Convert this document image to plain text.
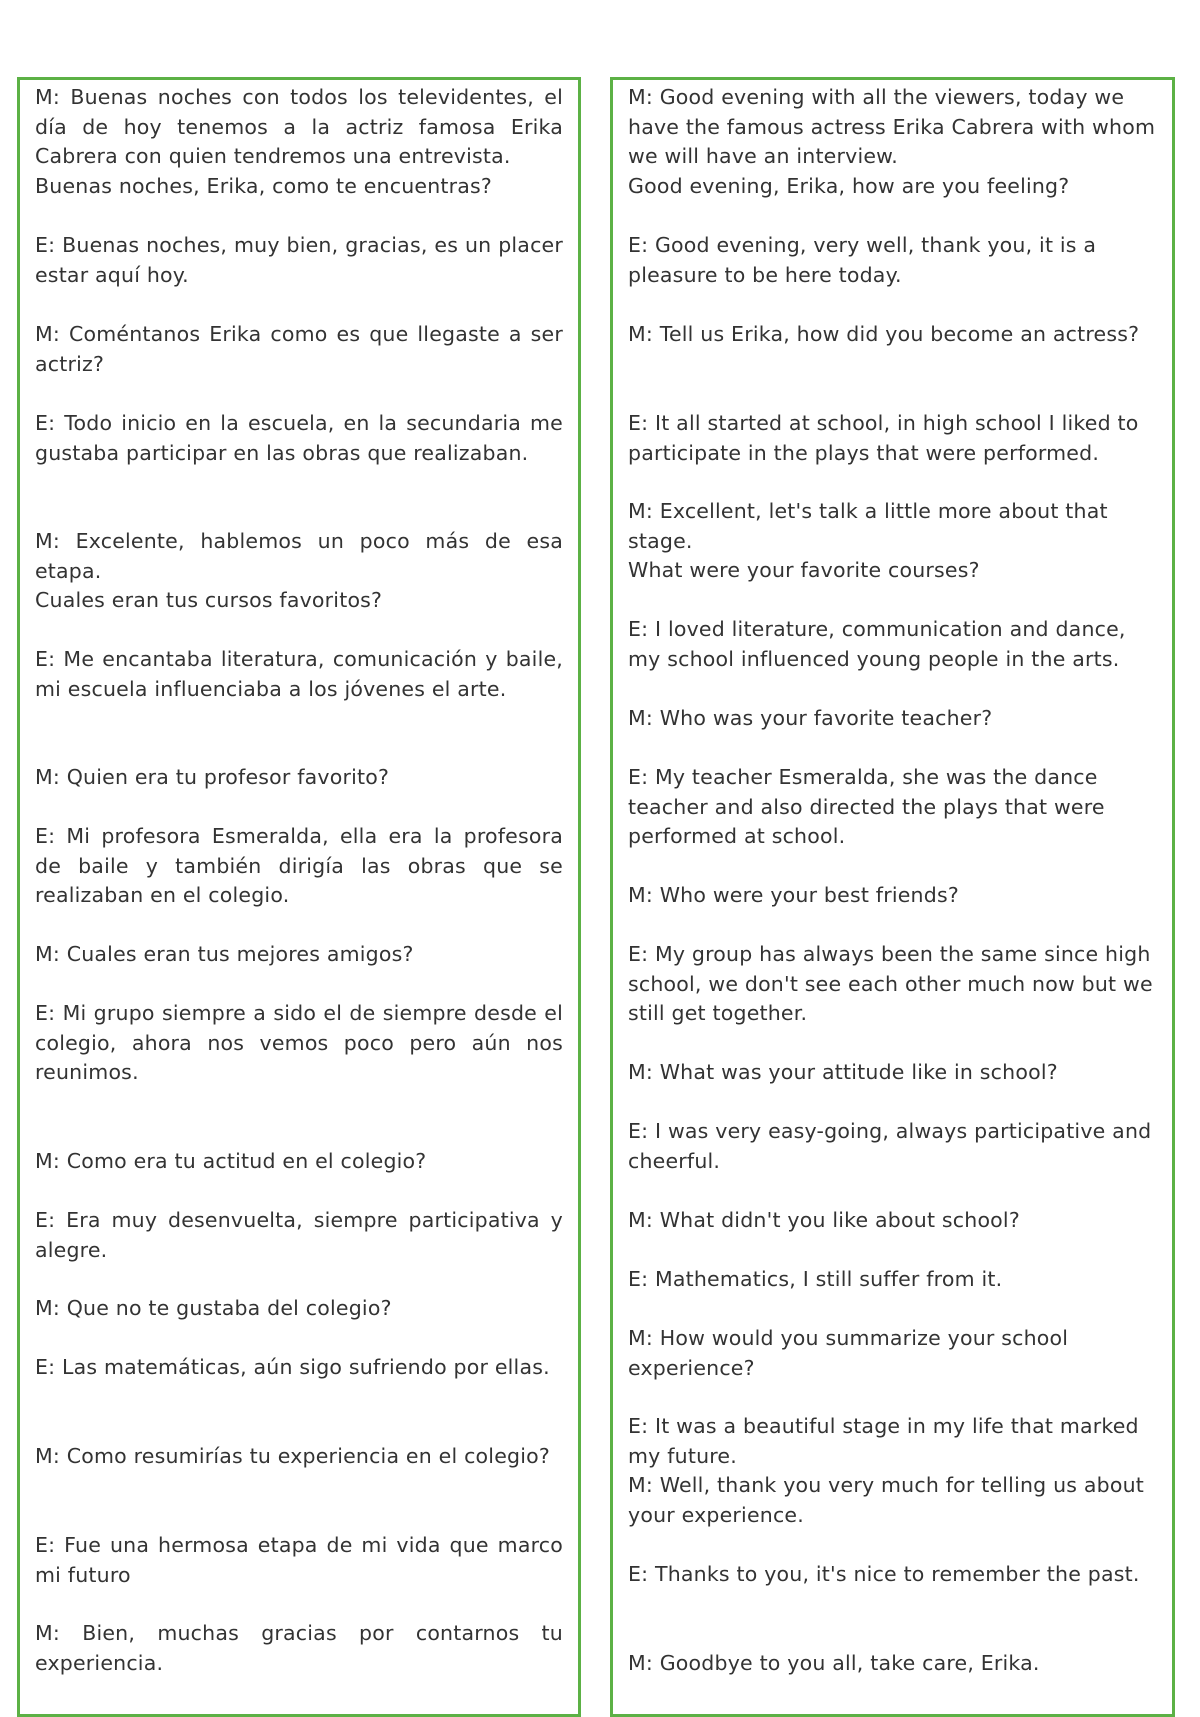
M: Buenas noches con todos los televidentes, el día de hoy tenemos a la actriz famosa Erika Cabrera con quien tendremos una entrevista.

Buenas noches, Erika, como te encuentras?

E: Buenas noches, muy bien, gracias, es un placer estar aquí hoy.

M: Coméntanos Erika como es que llegaste a ser actriz?

E: Todo inicio en la escuela, en la secundaria me gustaba participar en las obras que realizaban.

M: Excelente, hablemos un poco más de esa etapa.

Cuales eran tus cursos favoritos?

E: Me encantaba literatura, comunicación y baile, mi escuela influenciaba a los jóvenes el arte.

M: Quien era tu profesor favorito?

E: Mi profesora Esmeralda, ella era la profesora de baile y también dirigía las obras que se realizaban en el colegio.

M: Cuales eran tus mejores amigos?

E: Mi grupo siempre a sido el de siempre desde el colegio, ahora nos vemos poco pero aún nos reunimos.

M: Como era tu actitud en el colegio?

E: Era muy desenvuelta, siempre participativa y alegre.

M: Que no te gustaba del colegio?

E: Las matemáticas, aún sigo sufriendo por ellas.

M: Como resumirías tu experiencia en el colegio?

E: Fue una hermosa etapa de mi vida que marco mi futuro

M: Bien, muchas gracias por contarnos tu experiencia.

M: Good evening with all the viewers, today we have the famous actress Erika Cabrera with whom we will have an interview.

Good evening, Erika, how are you feeling?

E: Good evening, very well, thank you, it is a pleasure to be here today.

M: Tell us Erika, how did you become an actress?

E: It all started at school, in high school I liked to participate in the plays that were performed.

M: Excellent, let's talk a little more about that stage.

What were your favorite courses?

E: I loved literature, communication and dance, my school influenced young people in the arts.

M: Who was your favorite teacher?

E: My teacher Esmeralda, she was the dance teacher and also directed the plays that were performed at school.

M: Who were your best friends?

E: My group has always been the same since high school, we don't see each other much now but we still get together.

M: What was your attitude like in school?

E: I was very easy-going, always participative and cheerful.

M: What didn't you like about school?

E: Mathematics, I still suffer from it.

M: How would you summarize your school experience?

E: It was a beautiful stage in my life that marked my future.

M: Well, thank you very much for telling us about your experience.

E: Thanks to you, it's nice to remember the past.

M: Goodbye to you all, take care, Erika.
